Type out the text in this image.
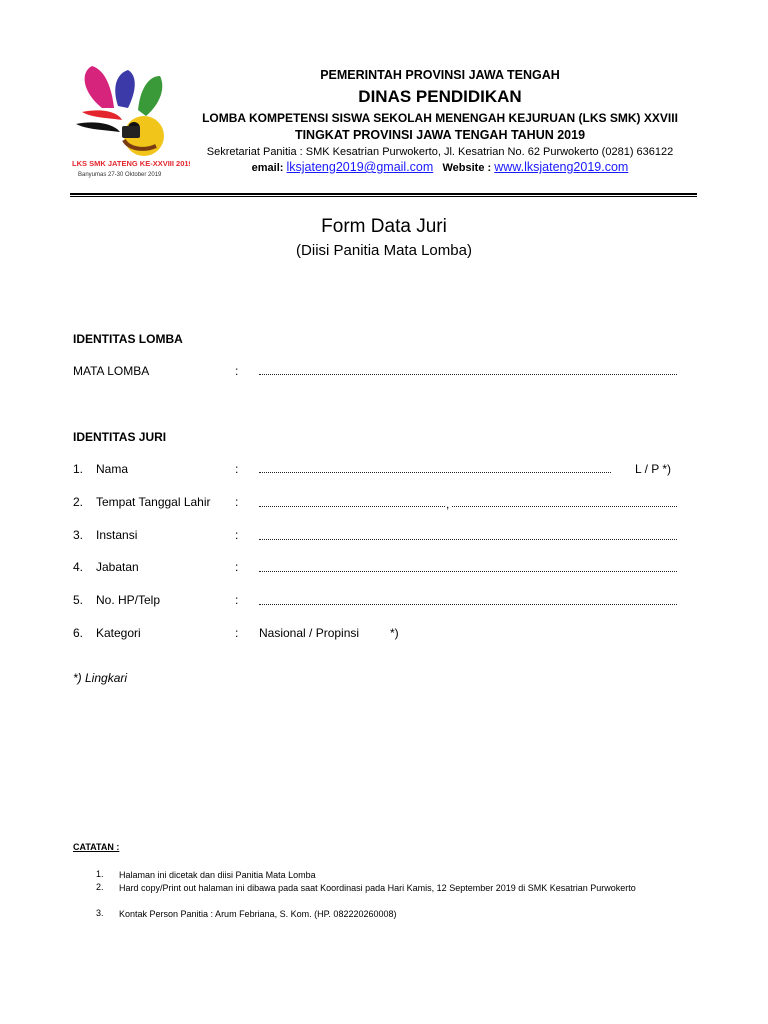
LKS SMK JATENG KE-XXVIII 2019
Banyumas 27-30 Oktober 2019
PEMERINTAH PROVINSI JAWA TENGAH
DINAS PENDIDIKAN
LOMBA KOMPETENSI SISWA SEKOLAH MENENGAH KEJURUAN (LKS SMK) XXVIII
TINGKAT PROVINSI JAWA TENGAH TAHUN 2019
Sekretariat Panitia : SMK Kesatrian Purwokerto, Jl. Kesatrian No. 62 Purwokerto (0281) 636122
email: lksjateng2019@gmail.com Website : www.lksjateng2019.com
Form Data Juri
(Diisi Panitia Mata Lomba)
IDENTITAS LOMBA
MATA LOMBA	:
IDENTITAS JURI
1. Nama	:	L / P *)
2. Tempat Tanggal Lahir :	,
3. Instansi	:
4. Jabatan	:
5. No. HP/Telp	:
6. Kategori	: Nasional / Propinsi	*)
*) Lingkari
CATATAN :
1. Halaman ini dicetak dan diisi Panitia Mata Lomba
2. Hard copy/Print out halaman ini dibawa pada saat Koordinasi pada Hari Kamis, 12 September 2019 di SMK Kesatrian Purwokerto
3. Kontak Person Panitia : Arum Febriana, S. Kom. (HP. 082220260008)
